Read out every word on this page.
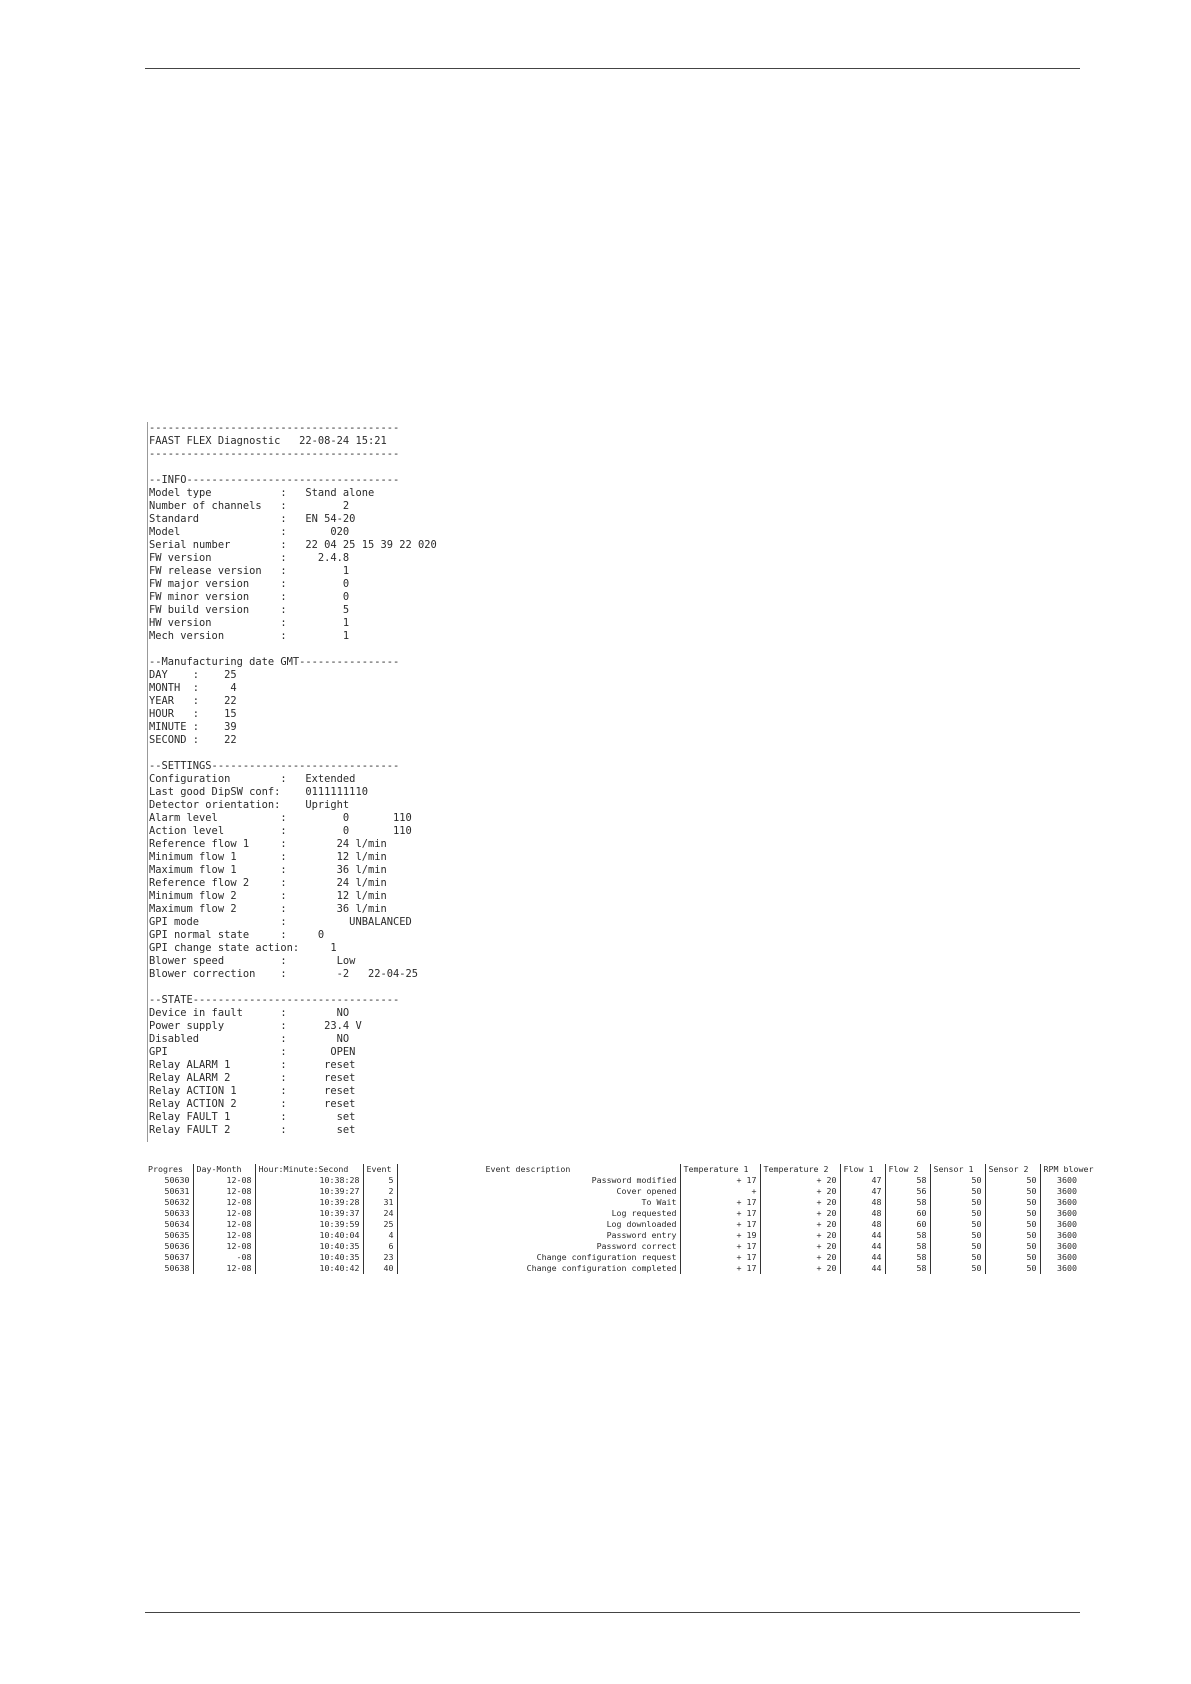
----------------------------------------
FAAST FLEX Diagnostic   22-08-24 15:21
----------------------------------------
--INFO----------------------------------
Model type           :   Stand alone
Number of channels   :         2
Standard             :   EN 54-20
Model                :       020
Serial number        :   22 04 25 15 39 22 020
FW version           :     2.4.8
FW release version   :         1
FW major version     :         0
FW minor version     :         0
FW build version     :         5
HW version           :         1
Mech version         :         1
--Manufacturing date GMT----------------
DAY    :    25
MONTH  :     4
YEAR   :    22
HOUR   :    15
MINUTE :    39
SECOND :    22
--SETTINGS------------------------------
Configuration        :   Extended
Last good DipSW conf:    0111111110
Detector orientation:    Upright
Alarm level          :         0       110
Action level         :         0       110
Reference flow 1     :        24 l/min
Minimum flow 1       :        12 l/min
Maximum flow 1       :        36 l/min
Reference flow 2     :        24 l/min
Minimum flow 2       :        12 l/min
Maximum flow 2       :        36 l/min
GPI mode             :          UNBALANCED
GPI normal state     :     0
GPI change state action:     1
Blower speed         :        Low
Blower correction    :        -2   22-04-25
--STATE---------------------------------
Device in fault      :        NO
Power supply         :      23.4 V
Disabled             :        NO
GPI                  :       OPEN
Relay ALARM 1        :      reset
Relay ALARM 2        :      reset
Relay ACTION 1       :      reset
Relay ACTION 2       :      reset
Relay FAULT 1        :        set
Relay FAULT 2        :        set
Progres	Day-Month	Hour:Minute:Second	Event	Event description	Temperature 1	Temperature 2	Flow 1	Flow 2	Sensor 1	Sensor 2	RPM blower
50630	12-08	10:38:28	5	Password modified	+ 17	+ 20	47	58	50	50	3600
50631	12-08	10:39:27	2	Cover opened	+	+ 20	47	56	50	50	3600
50632	12-08	10:39:28	31	To Wait	+ 17	+ 20	48	58	50	50	3600
50633	12-08	10:39:37	24	Log requested	+ 17	+ 20	48	60	50	50	3600
50634	12-08	10:39:59	25	Log downloaded	+ 17	+ 20	48	60	50	50	3600
50635	12-08	10:40:04	4	Password entry	+ 19	+ 20	44	58	50	50	3600
50636	12-08	10:40:35	6	Password correct	+ 17	+ 20	44	58	50	50	3600
50637	-08	10:40:35	23	Change configuration request	+ 17	+ 20	44	58	50	50	3600
50638	12-08	10:40:42	40	Change configuration completed	+ 17	+ 20	44	58	50	50	3600
